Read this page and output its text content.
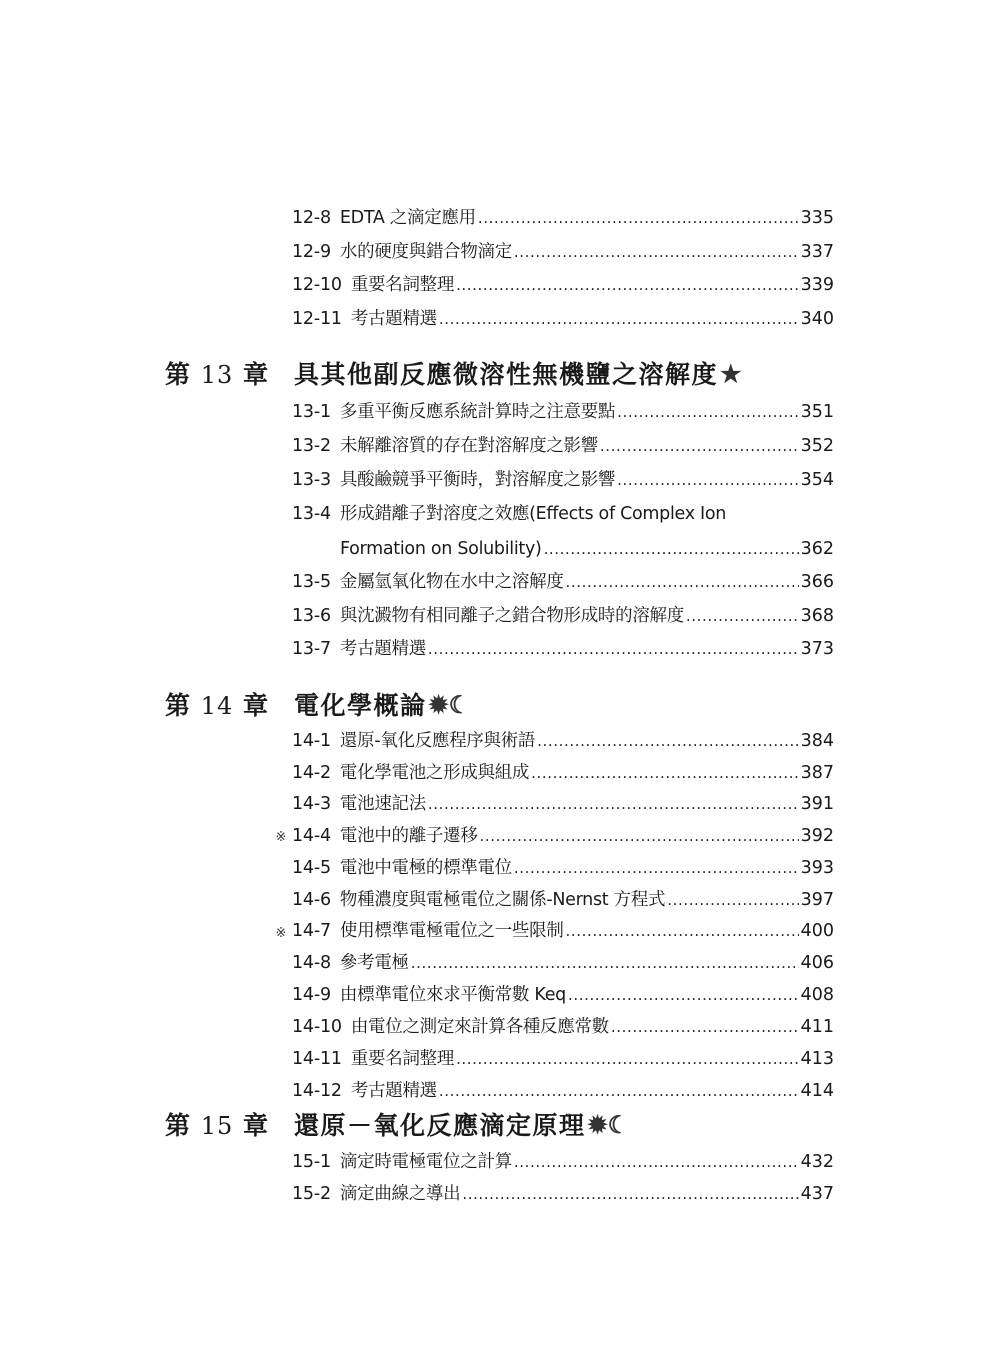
12-8 EDTA 之滴定應用 .....	335
12-9 水的硬度與錯合物滴定 .....	337
12-10 重要名詞整理 .....	339
12-11 考古題精選 .....	340
第 13 章 具其他副反應微溶性無機鹽之溶解度 ★
13-1 多重平衡反應系統計算時之注意要點 .....	351
13-2 未解離溶質的存在對溶解度之影響 .....	352
13-3 具酸鹼競爭平衡時，對溶解度之影響 .....	354
13-4 形成錯離子對溶度之效應(Effects of Complex Ion
Formation on Solubility) .....	362
13-5 金屬氫氧化物在水中之溶解度 .....	366
13-6 與沈澱物有相同離子之錯合物形成時的溶解度 .....	368
13-7 考古題精選 .....	373
第 14 章 電化學概論 ✹☾
14-1 還原-氧化反應程序與術語 .....	384
14-2 電化學電池之形成與組成 .....	387
14-3 電池速記法 .....	391
※ 14-4 電池中的離子遷移 .....	392
14-5 電池中電極的標準電位 .....	393
14-6 物種濃度與電極電位之關係-Nernst 方程式 .....	397
※ 14-7 使用標準電極電位之一些限制 .....	400
14-8 參考電極 .....	406
14-9 由標準電位來求平衡常數 Keq .....	408
14-10 由電位之測定來計算各種反應常數 .....	411
14-11 重要名詞整理 .....	413
14-12 考古題精選 .....	414
第 15 章 還原－氧化反應滴定原理 ✹☾
15-1 滴定時電極電位之計算 .....	432
15-2 滴定曲線之導出 .....	437
